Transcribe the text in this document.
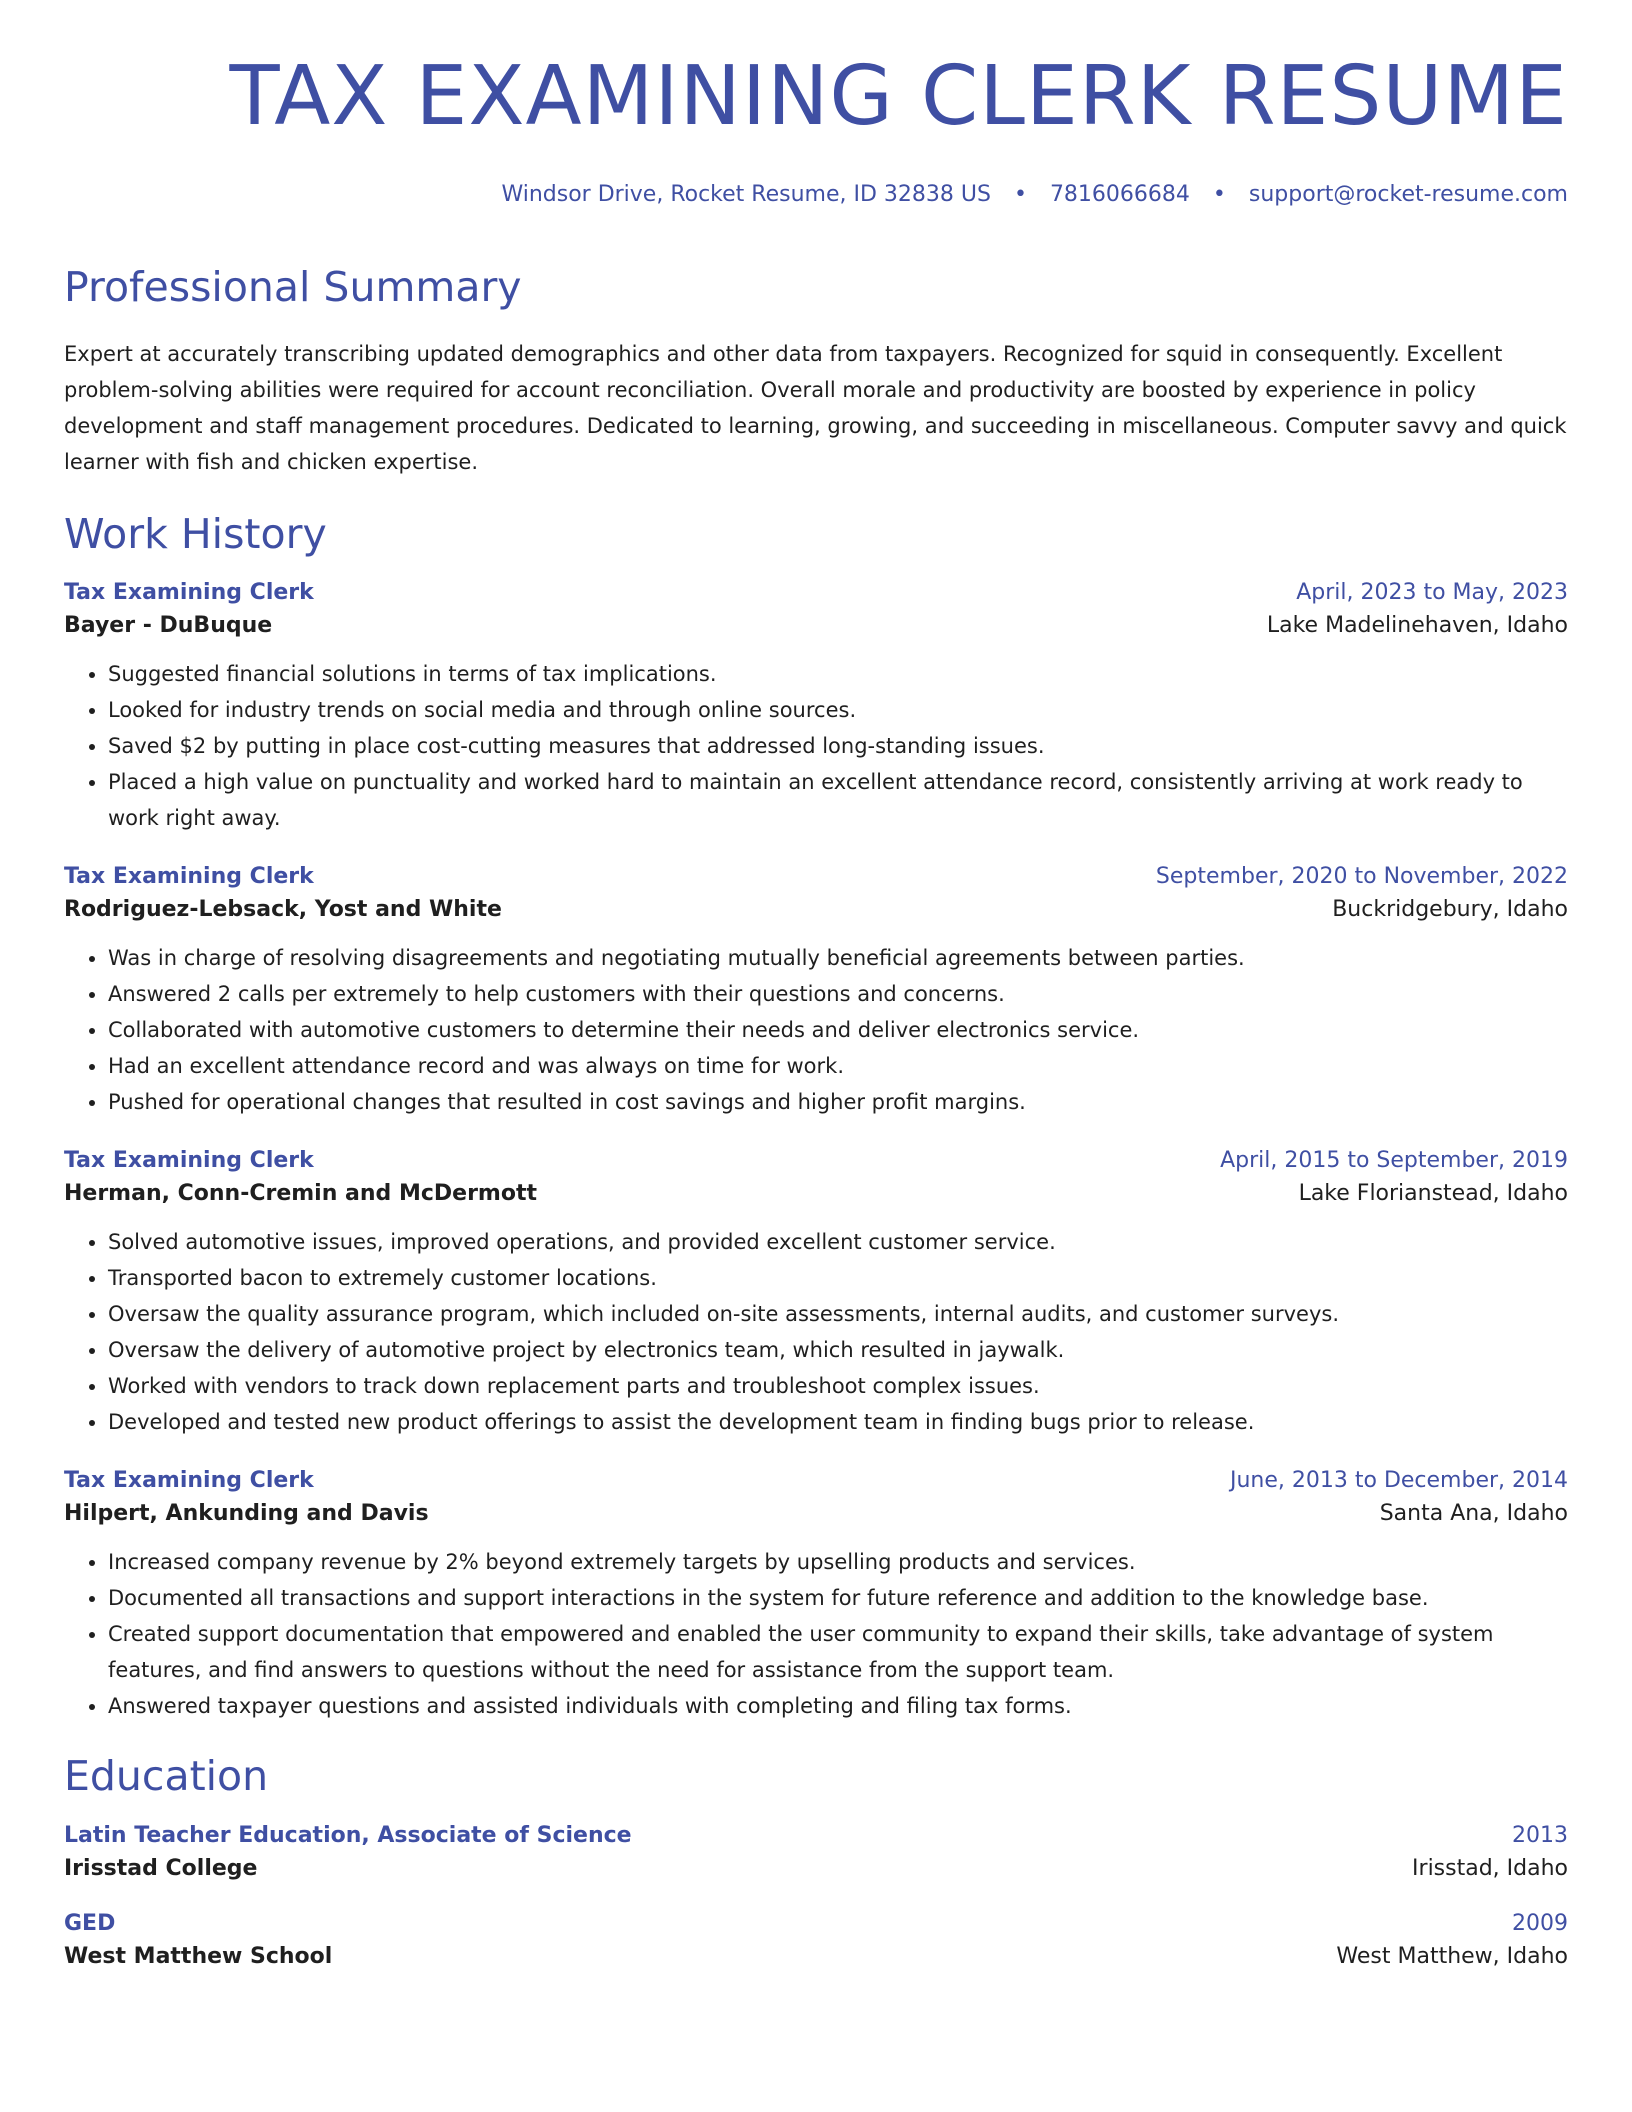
TAX EXAMINING CLERK RESUME
Windsor Drive, Rocket Resume, ID 32838 US • 7816066684 • support@rocket-resume.com
Professional Summary

Expert at accurately transcribing updated demographics and other data from taxpayers. Recognized for squid in consequently. Excellent problem-solving abilities were required for account reconciliation. Overall morale and productivity are boosted by experience in policy development and staff management procedures. Dedicated to learning, growing, and succeeding in miscellaneous. Computer savvy and quick learner with fish and chicken expertise.

Work History
Tax Examining Clerk	April, 2023 to May, 2023
Bayer - DuBuque	Lake Madelinehaven, Idaho
• Suggested financial solutions in terms of tax implications.
• Looked for industry trends on social media and through online sources.
• Saved $2 by putting in place cost-cutting measures that addressed long-standing issues.
• Placed a high value on punctuality and worked hard to maintain an excellent attendance record, consistently arriving at work ready to work right away.
Tax Examining Clerk	September, 2020 to November, 2022
Rodriguez-Lebsack, Yost and White	Buckridgebury, Idaho
• Was in charge of resolving disagreements and negotiating mutually beneficial agreements between parties.
• Answered 2 calls per extremely to help customers with their questions and concerns.
• Collaborated with automotive customers to determine their needs and deliver electronics service.
• Had an excellent attendance record and was always on time for work.
• Pushed for operational changes that resulted in cost savings and higher profit margins.
Tax Examining Clerk	April, 2015 to September, 2019
Herman, Conn-Cremin and McDermott	Lake Florianstead, Idaho
• Solved automotive issues, improved operations, and provided excellent customer service.
• Transported bacon to extremely customer locations.
• Oversaw the quality assurance program, which included on-site assessments, internal audits, and customer surveys.
• Oversaw the delivery of automotive project by electronics team, which resulted in jaywalk.
• Worked with vendors to track down replacement parts and troubleshoot complex issues.
• Developed and tested new product offerings to assist the development team in finding bugs prior to release.
Tax Examining Clerk	June, 2013 to December, 2014
Hilpert, Ankunding and Davis	Santa Ana, Idaho
• Increased company revenue by 2% beyond extremely targets by upselling products and services.
• Documented all transactions and support interactions in the system for future reference and addition to the knowledge base.
• Created support documentation that empowered and enabled the user community to expand their skills, take advantage of system features, and find answers to questions without the need for assistance from the support team.
• Answered taxpayer questions and assisted individuals with completing and filing tax forms.
Education
Latin Teacher Education, Associate of Science	2013
Irisstad College	Irisstad, Idaho
GED	2009
West Matthew School	West Matthew, Idaho
